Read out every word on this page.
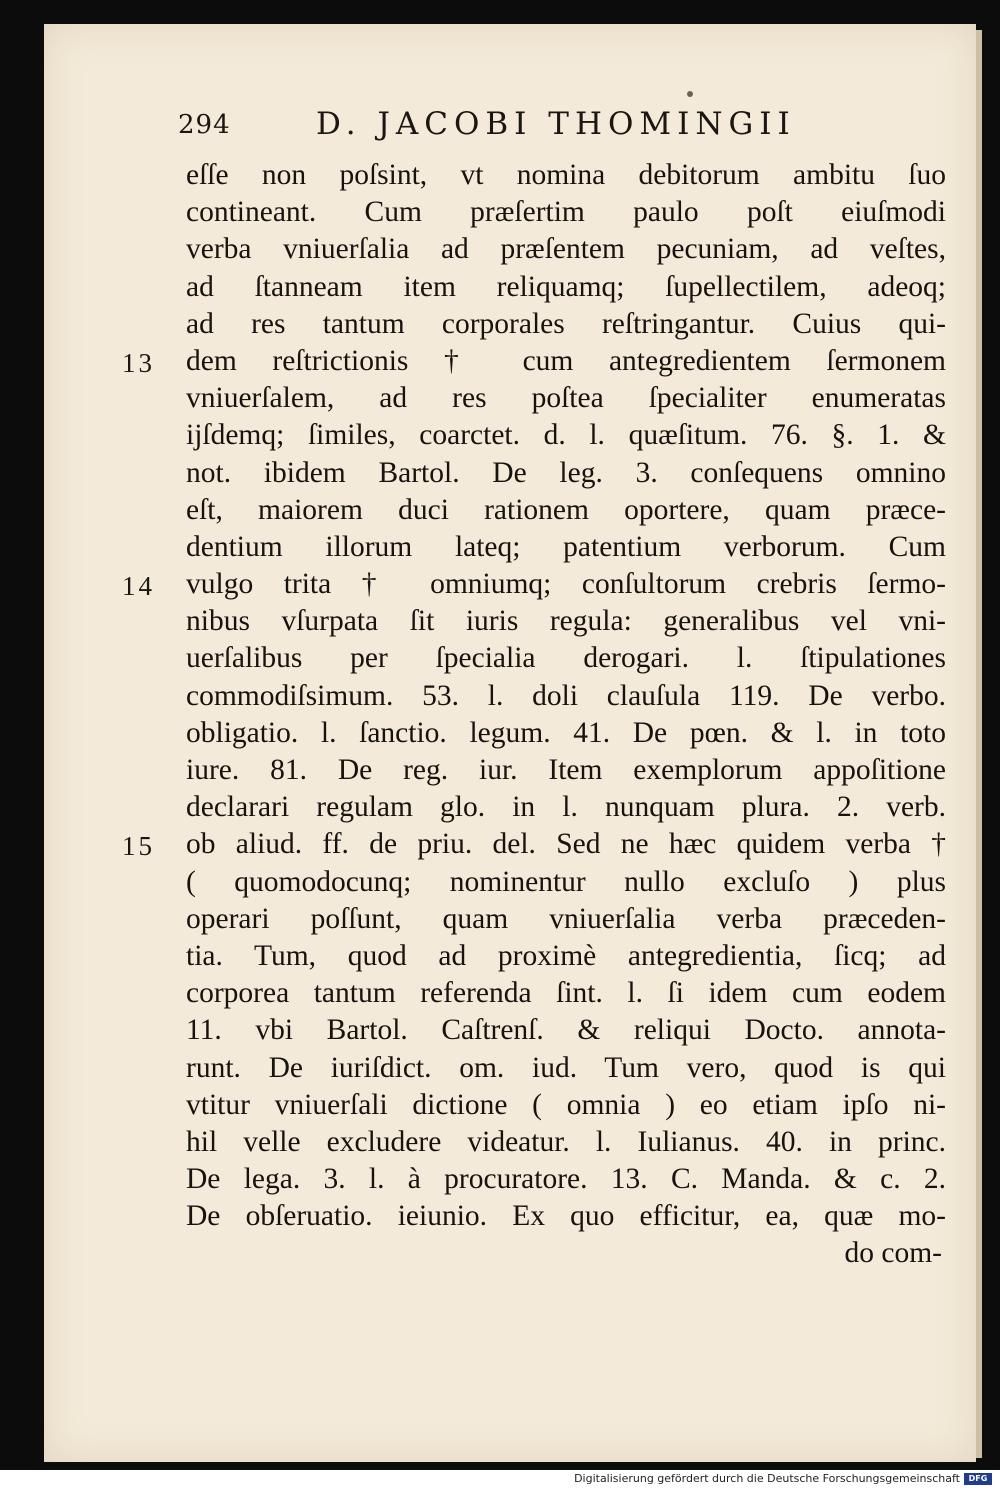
294	D. JACOBI THOMINGII
13
14
15
eſſe non poſsint, vt nomina debitorum ambitu ſuo
contineant. Cum præſertim paulo poſt eiuſmodi
verba vniuerſalia ad præſentem pecuniam, ad veſtes,
ad ſtanneam item reliquamq; ſupellectilem, adeoq;
ad res tantum corporales reſtringantur. Cuius qui-
dem reſtrictionis † cum antegredientem ſermonem
vniuerſalem, ad res poſtea ſpecialiter enumeratas
ijſdemq; ſimiles, coarctet. d. l. quæſitum. 76. §. 1. &
not. ibidem Bartol. De leg. 3. conſequens omnino
eſt, maiorem duci rationem oportere, quam præce-
dentium illorum lateq; patentium verborum. Cum
vulgo trita † omniumq; conſultorum crebris ſermo-
nibus vſurpata ſit iuris regula: generalibus vel vni-
uerſalibus per ſpecialia derogari. l. ſtipulationes
commodiſsimum. 53. l. doli clauſula 119. De verbo.
obligatio. l. ſanctio. legum. 41. De pœn. & l. in toto
iure. 81. De reg. iur. Item exemplorum appoſitione
declarari regulam glo. in l. nunquam plura. 2. verb.
ob aliud. ff. de priu. del. Sed ne hæc quidem verba †
( quomodocunq; nominentur nullo excluſo ) plus
operari poſſunt, quam vniuerſalia verba præceden-
tia. Tum, quod ad proximè antegredientia, ſicq; ad
corporea tantum referenda ſint. l. ſi idem cum eodem
11. vbi Bartol. Caſtrenſ. & reliqui Docto. annota-
runt. De iuriſdict. om. iud. Tum vero, quod is qui
vtitur vniuerſali dictione ( omnia ) eo etiam ipſo ni-
hil velle excludere videatur. l. Iulianus. 40. in princ.
De lega. 3. l. à procuratore. 13. C. Manda. & c. 2.
De obſeruatio. ieiunio. Ex quo efficitur, ea, quæ mo-
do com-
Digitalisierung gefördert durch die Deutsche Forschungsgemeinschaft	DFG
